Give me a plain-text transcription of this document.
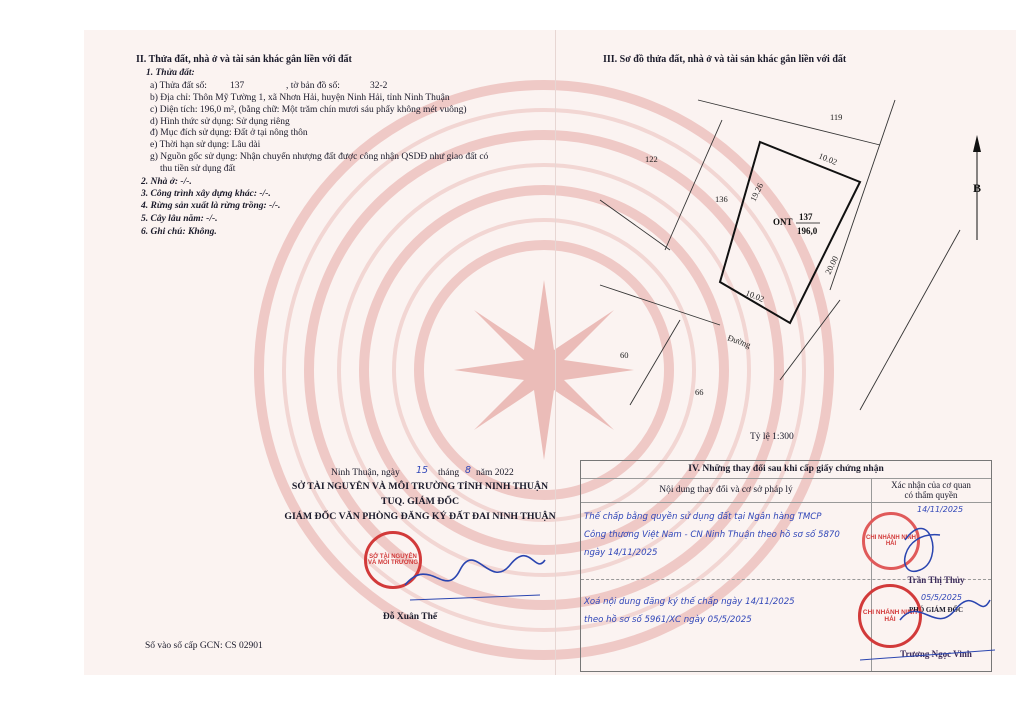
II. Thửa đất, nhà ở và tài sản khác gắn liền với đất
1. Thửa đất:
a) Thửa đất số: 137	, tờ bản đồ số:	32-2
b) Địa chỉ: Thôn Mỹ Tường 1, xã Nhơn Hải, huyện Ninh Hải, tỉnh Ninh Thuận
c) Diện tích: 196,0 m², (bằng chữ: Một trăm chín mươi sáu phẩy không mét vuông)
d) Hình thức sử dụng: Sử dụng riêng
đ) Mục đích sử dụng: Đất ở tại nông thôn
e) Thời hạn sử dụng: Lâu dài
g) Nguồn gốc sử dụng: Nhận chuyển nhượng đất được công nhận QSDĐ như giao đất có
thu tiền sử dụng đất
2. Nhà ở: -/-.
3. Công trình xây dựng khác: -/-.
4. Rừng sản xuất là rừng trồng: -/-.
5. Cây lâu năm: -/-.
6. Ghi chú: Không.
Ninh Thuận, ngày 15 tháng 8 năm 2022
SỞ TÀI NGUYÊN VÀ MÔI TRƯỜNG TỈNH NINH THUẬN
TUQ. GIÁM ĐỐC
GIÁM ĐỐC VĂN PHÒNG ĐĂNG KÝ ĐẤT ĐAI NINH THUẬN
SỞ TÀI NGUYÊN VÀ MÔI TRƯỜNG
Đỗ Xuân Thế
Số vào sổ cấp GCN: CS 02901
III. Sơ đồ thửa đất, nhà ở và tài sản khác gắn liền với đất
119
122
136
60
66
Đường
10.02
19.26
20.00
10.02
ONT 137
196,0
B
Tỷ lệ 1:300
IV. Những thay đổi sau khi cấp giấy chứng nhận
Nội dung thay đổi và cơ sở pháp lý	Xác nhận của cơ quan
có thẩm quyền
Thế chấp bằng quyền sử dụng đất tại Ngân hàng TMCP
Công thương Việt Nam - CN Ninh Thuận theo hồ sơ số 5870
ngày 14/11/2025
14/11/2025
Xoá nội dung đăng ký thế chấp ngày 14/11/2025
theo hồ sơ số 5961/XC ngày 05/5/2025
05/5/2025
Trần Thị Thủy
PHÓ GIÁM ĐỐC
Trương Ngọc Vinh
CHI NHÁNH NINH HẢI
CHI NHÁNH NINH HẢI
